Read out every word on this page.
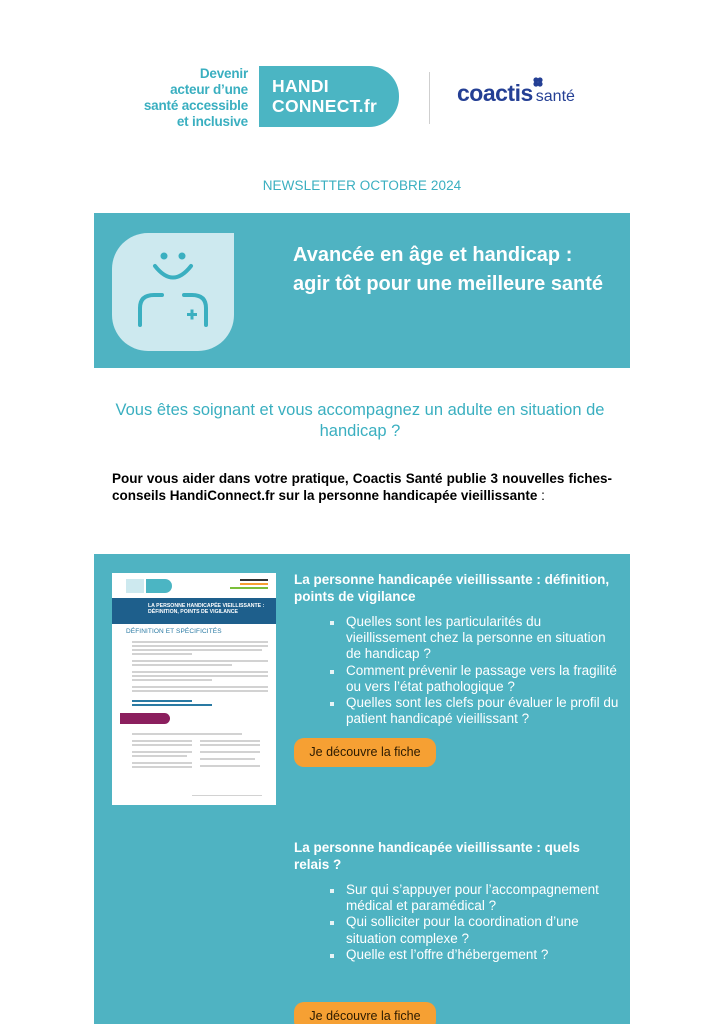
Devenir
acteur d’une
santé accessible
et inclusive
HANDI
CONNECT.fr	coactis santé
NEWSLETTER OCTOBRE 2024
Avancée en âge et handicap : agir tôt pour une meilleure santé
Vous êtes soignant et vous accompagnez un adulte en situation de handicap ?
Pour vous aider dans votre pratique, Coactis Santé publie 3 nouvelles fiches-conseils HandiConnect.fr sur la personne handicapée vieillissante :
LA PERSONNE HANDICAPÉE VIEILLISSANTE : DÉFINITION, POINTS DE VIGILANCE
DÉFINITION ET SPÉCIFICITÉS
La personne handicapée vieillissante : définition, points de vigilance
Quelles sont les particularités du vieillissement chez la personne en situation de handicap ?
Comment prévenir le passage vers la fragilité ou vers l’état pathologique ?
Quelles sont les clefs pour évaluer le profil du patient handicapé vieillissant ?
Je découvre la fiche
La personne handicapée vieillissante : quels relais ?
Sur qui s’appuyer pour l’accompagnement médical et paramédical ?
Qui solliciter pour la coordination d’une situation complexe ?
Quelle est l’offre d’hébergement ?
Je découvre la fiche
